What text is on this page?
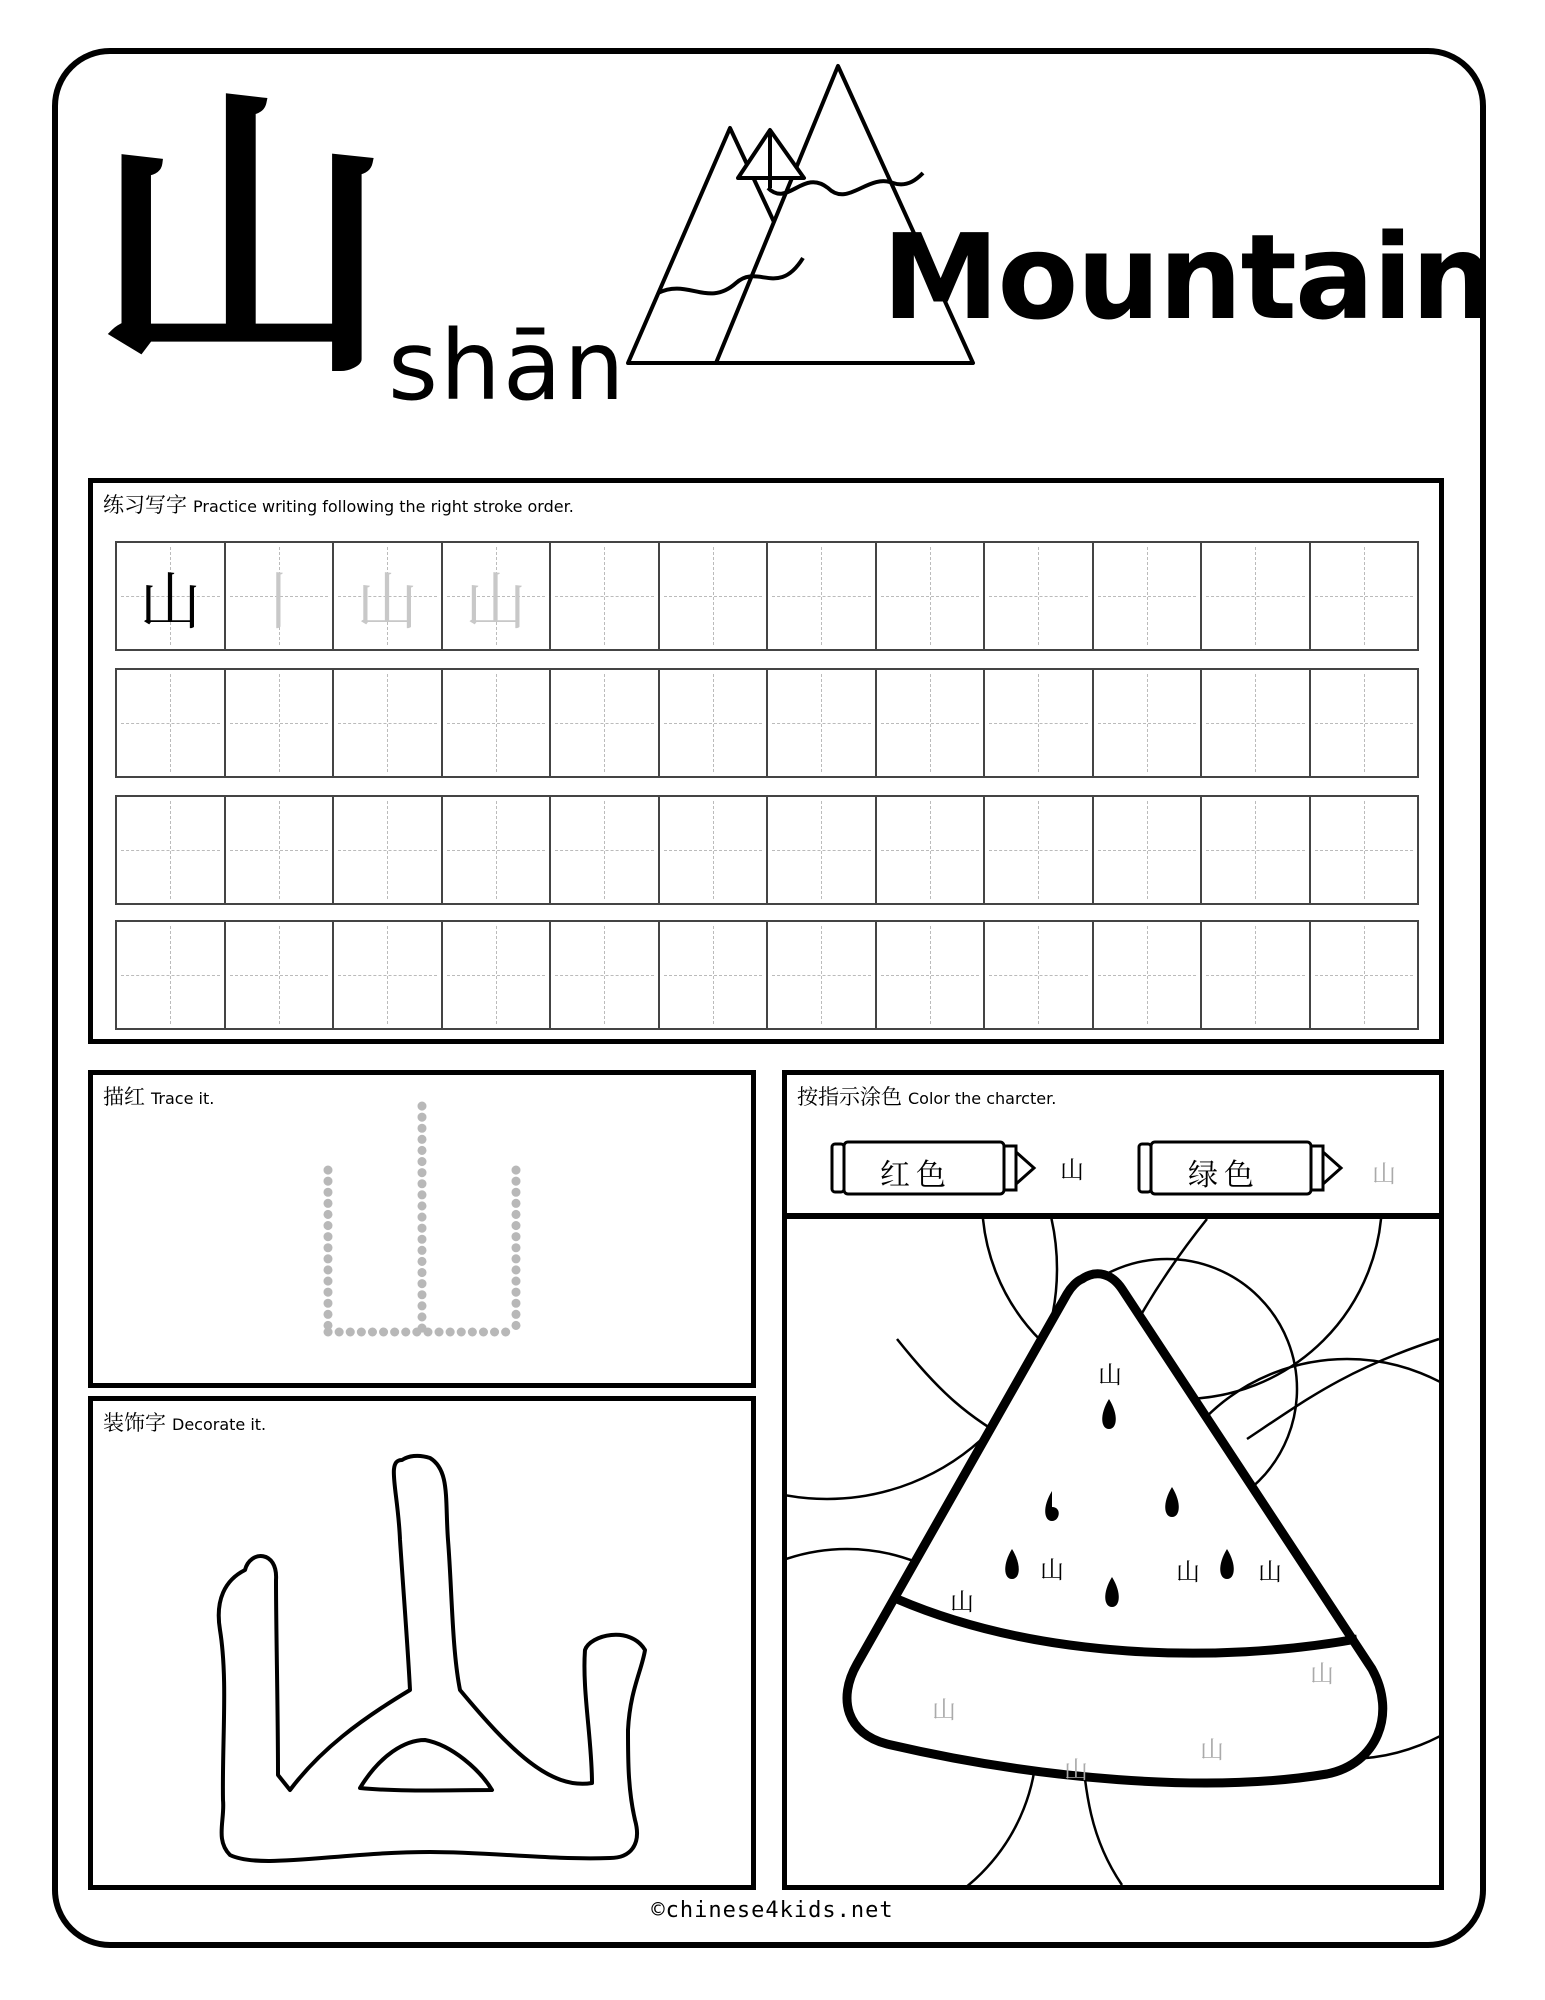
山
shān
Mountain
练习写字 Practice writing following the right stroke order.
山 丨 山 山
描红 Trace it.
装饰字 Decorate it.
按指示涂色 Color the charcter.
红色	山	绿色	山
山
山
山
山 山
山
山
山
山
©chinese4kids.net
